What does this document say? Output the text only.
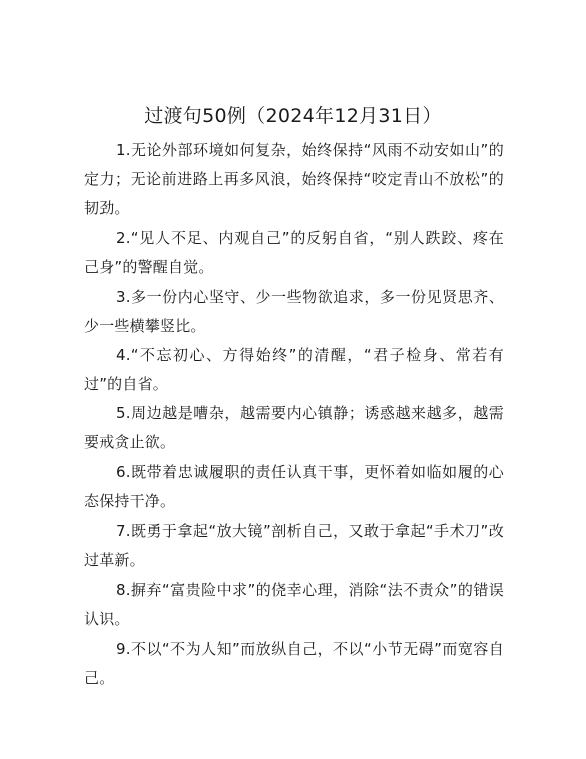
过渡句50例（2024年12月31日）

1.无论外部环境如何复杂，始终保持“风雨不动安如山”的定力；无论前进路上再多风浪，始终保持“咬定青山不放松”的韧劲。

2.“见人不足、内观自己”的反躬自省，“别人跌跤、疼在己身”的警醒自觉。

3.多一份内心坚守、少一些物欲追求，多一份见贤思齐、少一些横攀竖比。

4.“不忘初心、方得始终”的清醒，“君子检身、常若有过”的自省。

5.周边越是嘈杂，越需要内心镇静；诱惑越来越多，越需要戒贪止欲。

6.既带着忠诚履职的责任认真干事，更怀着如临如履的心态保持干净。

7.既勇于拿起“放大镜”剖析自己，又敢于拿起“手术刀”改过革新。

8.摒弃“富贵险中求”的侥幸心理，消除“法不责众”的错误认识。

9.不以“不为人知”而放纵自己，不以“小节无碍”而宽容自己。
